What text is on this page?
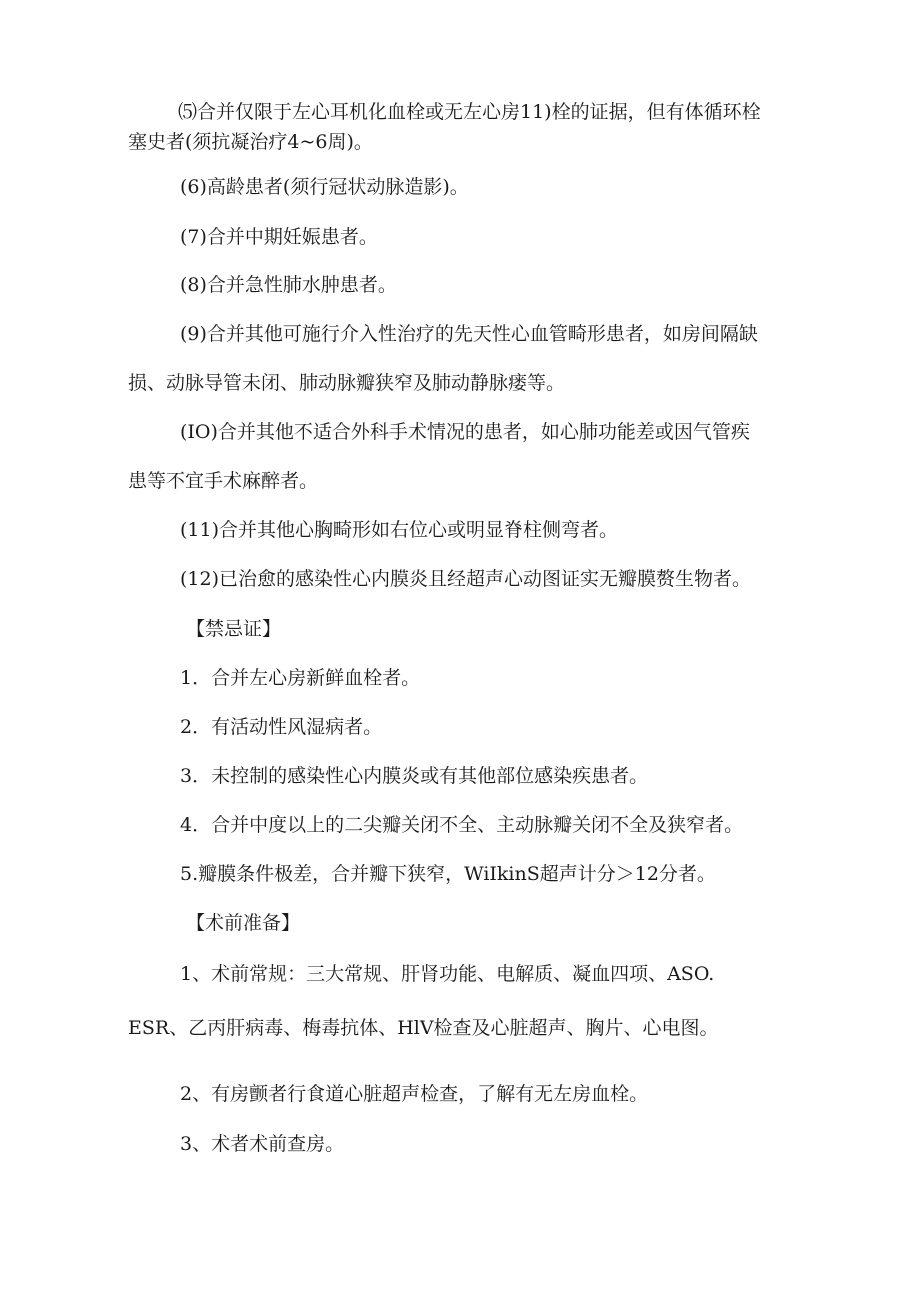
⑸合并仅限于左心耳机化血栓或无左心房11)栓的证据，但有体循环栓

塞史者(须抗凝治疗4~6周)。

(6)高龄患者(须行冠状动脉造影)。

(7)合并中期妊娠患者。

(8)合并急性肺水肿患者。

(9)合并其他可施行介入性治疗的先天性心血管畸形患者，如房间隔缺

损、动脉导管未闭、肺动脉瓣狭窄及肺动静脉瘘等。

(IO)合并其他不适合外科手术情况的患者，如心肺功能差或因气管疾

患等不宜手术麻醉者。

(11)合并其他心胸畸形如右位心或明显脊柱侧弯者。

(12)已治愈的感染性心内膜炎且经超声心动图证实无瓣膜赘生物者。

【禁忌证】

1．合并左心房新鲜血栓者。

2．有活动性风湿病者。

3．未控制的感染性心内膜炎或有其他部位感染疾患者。

4．合并中度以上的二尖瓣关闭不全、主动脉瓣关闭不全及狭窄者。

5.瓣膜条件极差，合并瓣下狭窄，WiIkinS超声计分＞12分者。

【术前准备】

1、术前常规：三大常规、肝肾功能、电解质、凝血四项、ASO.

ESR、乙丙肝病毒、梅毒抗体、HlV检查及心脏超声、胸片、心电图。

2、有房颤者行食道心脏超声检查，了解有无左房血栓。

3、术者术前查房。
